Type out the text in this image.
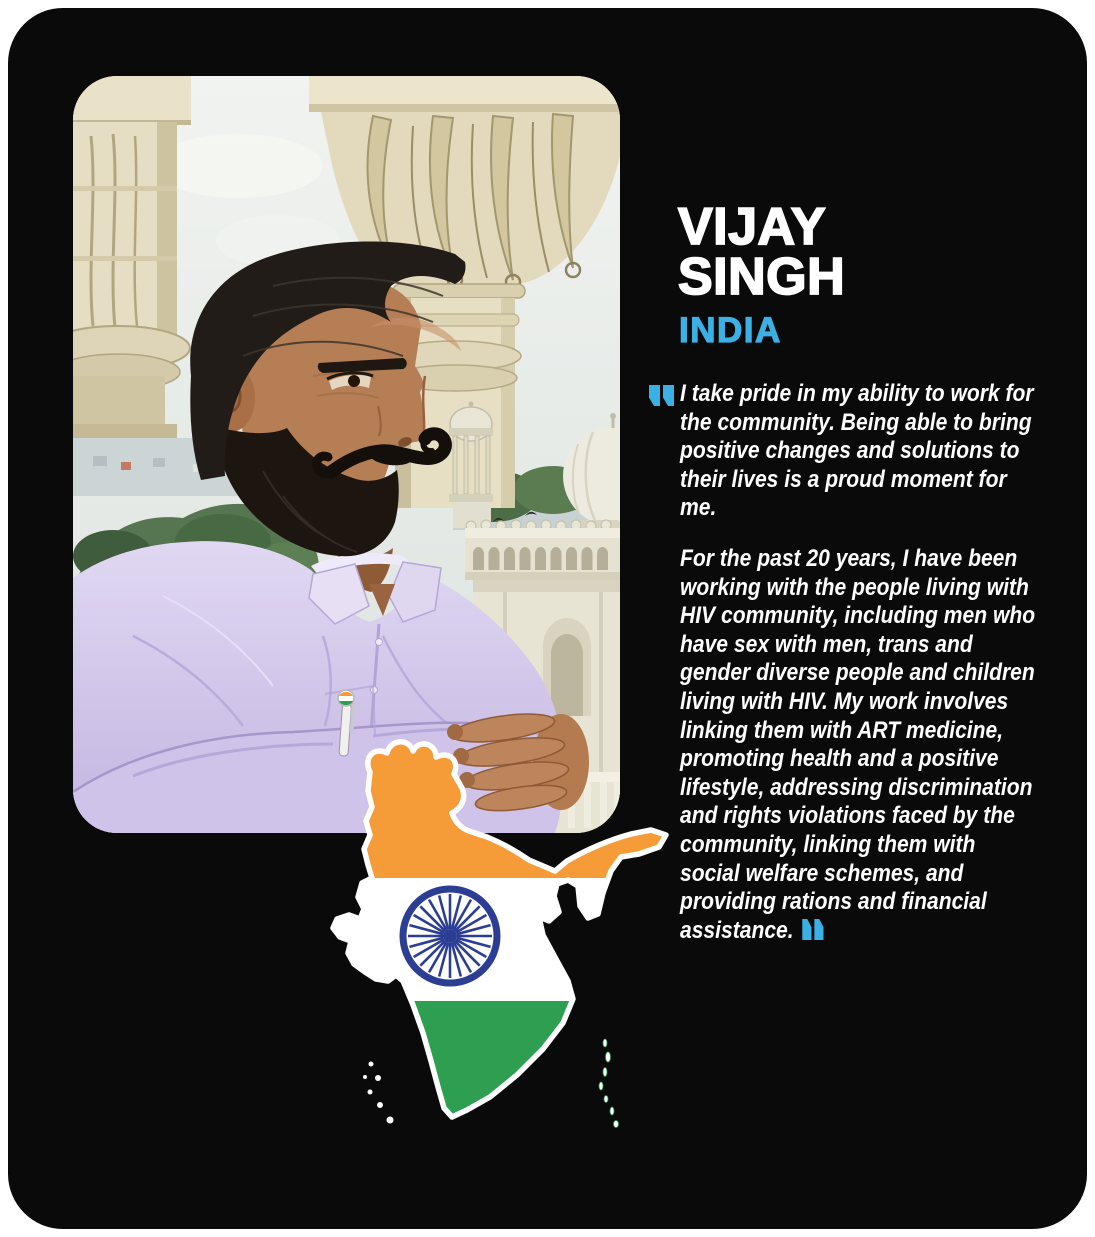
VIJAY
SINGH
INDIA

I take pride in my ability to work for the community. Being able to bring positive changes and solutions to their lives is a proud moment for me.

For the past 20 years, I have been working with the people living with HIV community, including men who have sex with men, trans and gender diverse people and children living with HIV. My work involves linking them with ART medicine, promoting health and a positive lifestyle, addressing discrimination and rights violations faced by the community, linking them with social welfare schemes, and providing rations and financial assistance.
